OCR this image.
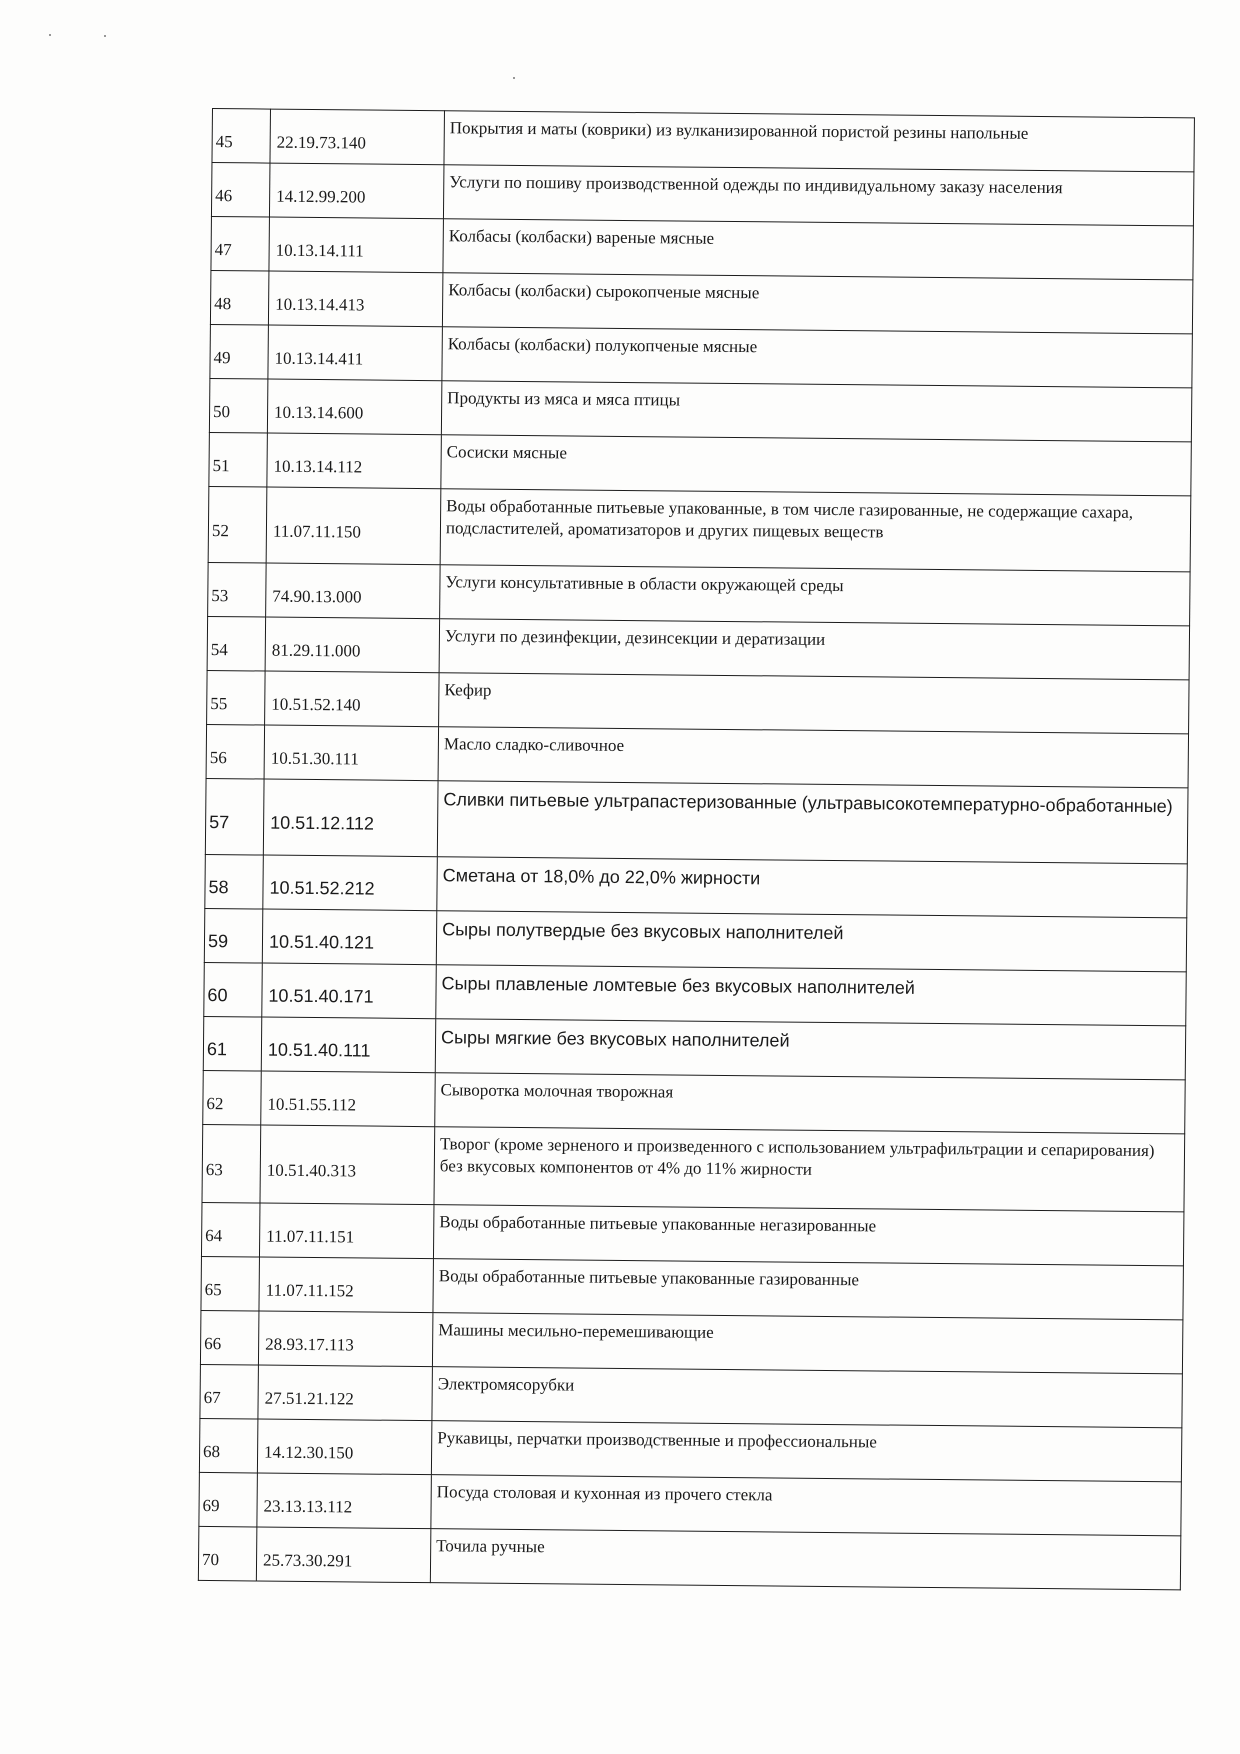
45	22.19.73.140	Покрытия и маты (коврики) из вулканизированной пористой резины напольные
46	14.12.99.200	Услуги по пошиву производственной одежды по индивидуальному заказу населения
47	10.13.14.111	Колбасы (колбаски) вареные мясные
48	10.13.14.413	Колбасы (колбаски) сырокопченые мясные
49	10.13.14.411	Колбасы (колбаски) полукопченые мясные
50	10.13.14.600	Продукты из мяса и мяса птицы
51	10.13.14.112	Сосиски мясные
52	11.07.11.150	Воды обработанные питьевые упакованные, в том числе газированные, не содержащие сахара, подсластителей, ароматизаторов и других пищевых веществ
53	74.90.13.000	Услуги консультативные в области окружающей среды
54	81.29.11.000	Услуги по дезинфекции, дезинсекции и дератизации
55	10.51.52.140	Кефир
56	10.51.30.111	Масло сладко-сливочное
57	10.51.12.112	Сливки питьевые ультрапастеризованные (ультравысокотемпературно-обработанные)
58	10.51.52.212	Сметана от 18,0% до 22,0% жирности
59	10.51.40.121	Сыры полутвердые без вкусовых наполнителей
60	10.51.40.171	Сыры плавленые ломтевые без вкусовых наполнителей
61	10.51.40.111	Сыры мягкие без вкусовых наполнителей
62	10.51.55.112	Сыворотка молочная творожная
63	10.51.40.313	Творог (кроме зерненого и произведенного с использованием ультрафильтрации и сепарирования) без вкусовых компонентов от 4% до 11% жирности
64	11.07.11.151	Воды обработанные питьевые упакованные негазированные
65	11.07.11.152	Воды обработанные питьевые упакованные газированные
66	28.93.17.113	Машины месильно-перемешивающие
67	27.51.21.122	Электромясорубки
68	14.12.30.150	Рукавицы, перчатки производственные и профессиональные
69	23.13.13.112	Посуда столовая и кухонная из прочего стекла
70	25.73.30.291	Точила ручные
